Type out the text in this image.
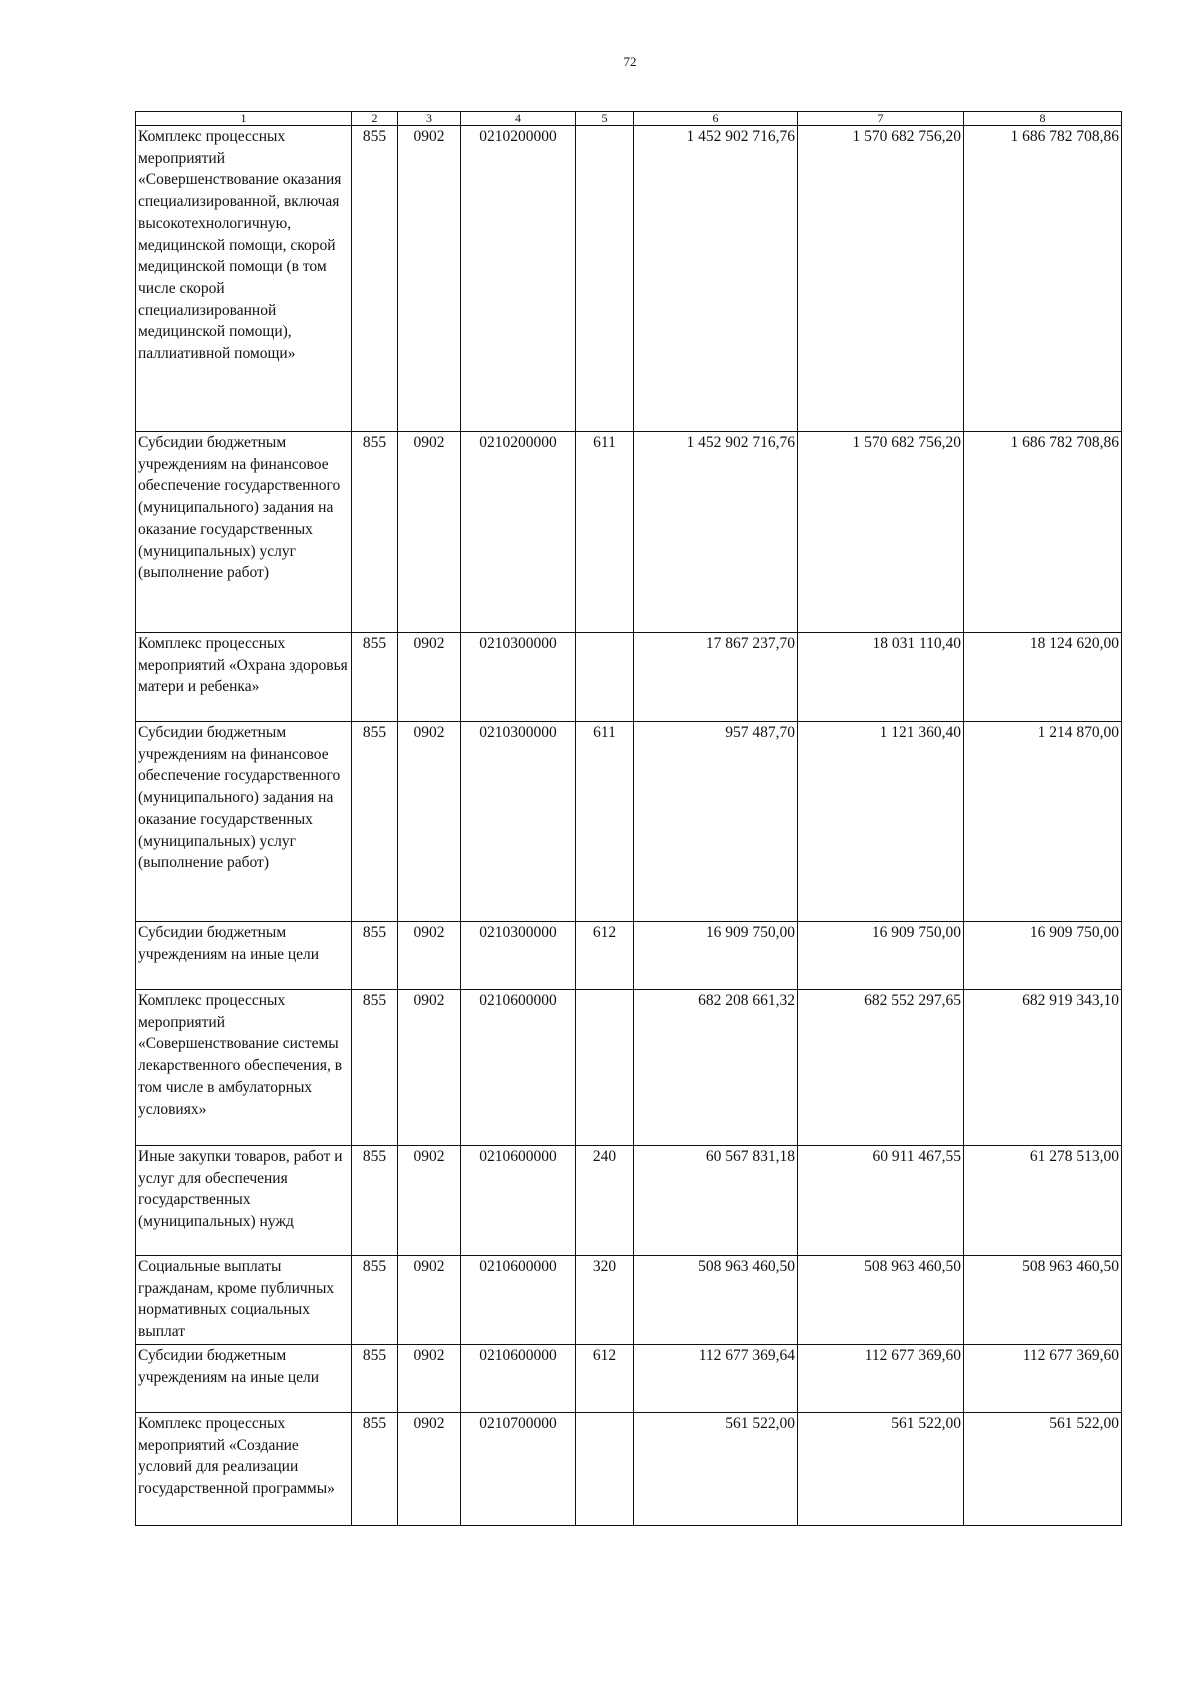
72
1	2	3	4	5	6	7	8
Комплекс процессных мероприятий «Совершенствование оказания специализированной, включая высокотехнологичную, медицинской помощи, скорой медицинской помощи (в том числе скорой специализированной медицинской помощи), паллиативной помощи»	855	0902	0210200000		1 452 902 716,76	1 570 682 756,20	1 686 782 708,86
Субсидии бюджетным учреждениям на финансовое обеспечение государственного (муниципального) задания на оказание государственных (муниципальных) услуг (выполнение работ)	855	0902	0210200000	611	1 452 902 716,76	1 570 682 756,20	1 686 782 708,86
Комплекс процессных мероприятий «Охрана здоровья матери и ребенка»	855	0902	0210300000		17 867 237,70	18 031 110,40	18 124 620,00
Субсидии бюджетным учреждениям на финансовое обеспечение государственного (муниципального) задания на оказание государственных (муниципальных) услуг (выполнение работ)	855	0902	0210300000	611	957 487,70	1 121 360,40	1 214 870,00
Субсидии бюджетным учреждениям на иные цели	855	0902	0210300000	612	16 909 750,00	16 909 750,00	16 909 750,00
Комплекс процессных мероприятий «Совершенствование системы лекарственного обеспечения, в том числе в амбулаторных условиях»	855	0902	0210600000		682 208 661,32	682 552 297,65	682 919 343,10
Иные закупки товаров, работ и услуг для обеспечения государственных (муниципальных) нужд	855	0902	0210600000	240	60 567 831,18	60 911 467,55	61 278 513,00
Социальные выплаты гражданам, кроме публичных нормативных социальных выплат	855	0902	0210600000	320	508 963 460,50	508 963 460,50	508 963 460,50
Субсидии бюджетным учреждениям на иные цели	855	0902	0210600000	612	112 677 369,64	112 677 369,60	112 677 369,60
Комплекс процессных мероприятий «Создание условий для реализации государственной программы»	855	0902	0210700000		561 522,00	561 522,00	561 522,00
